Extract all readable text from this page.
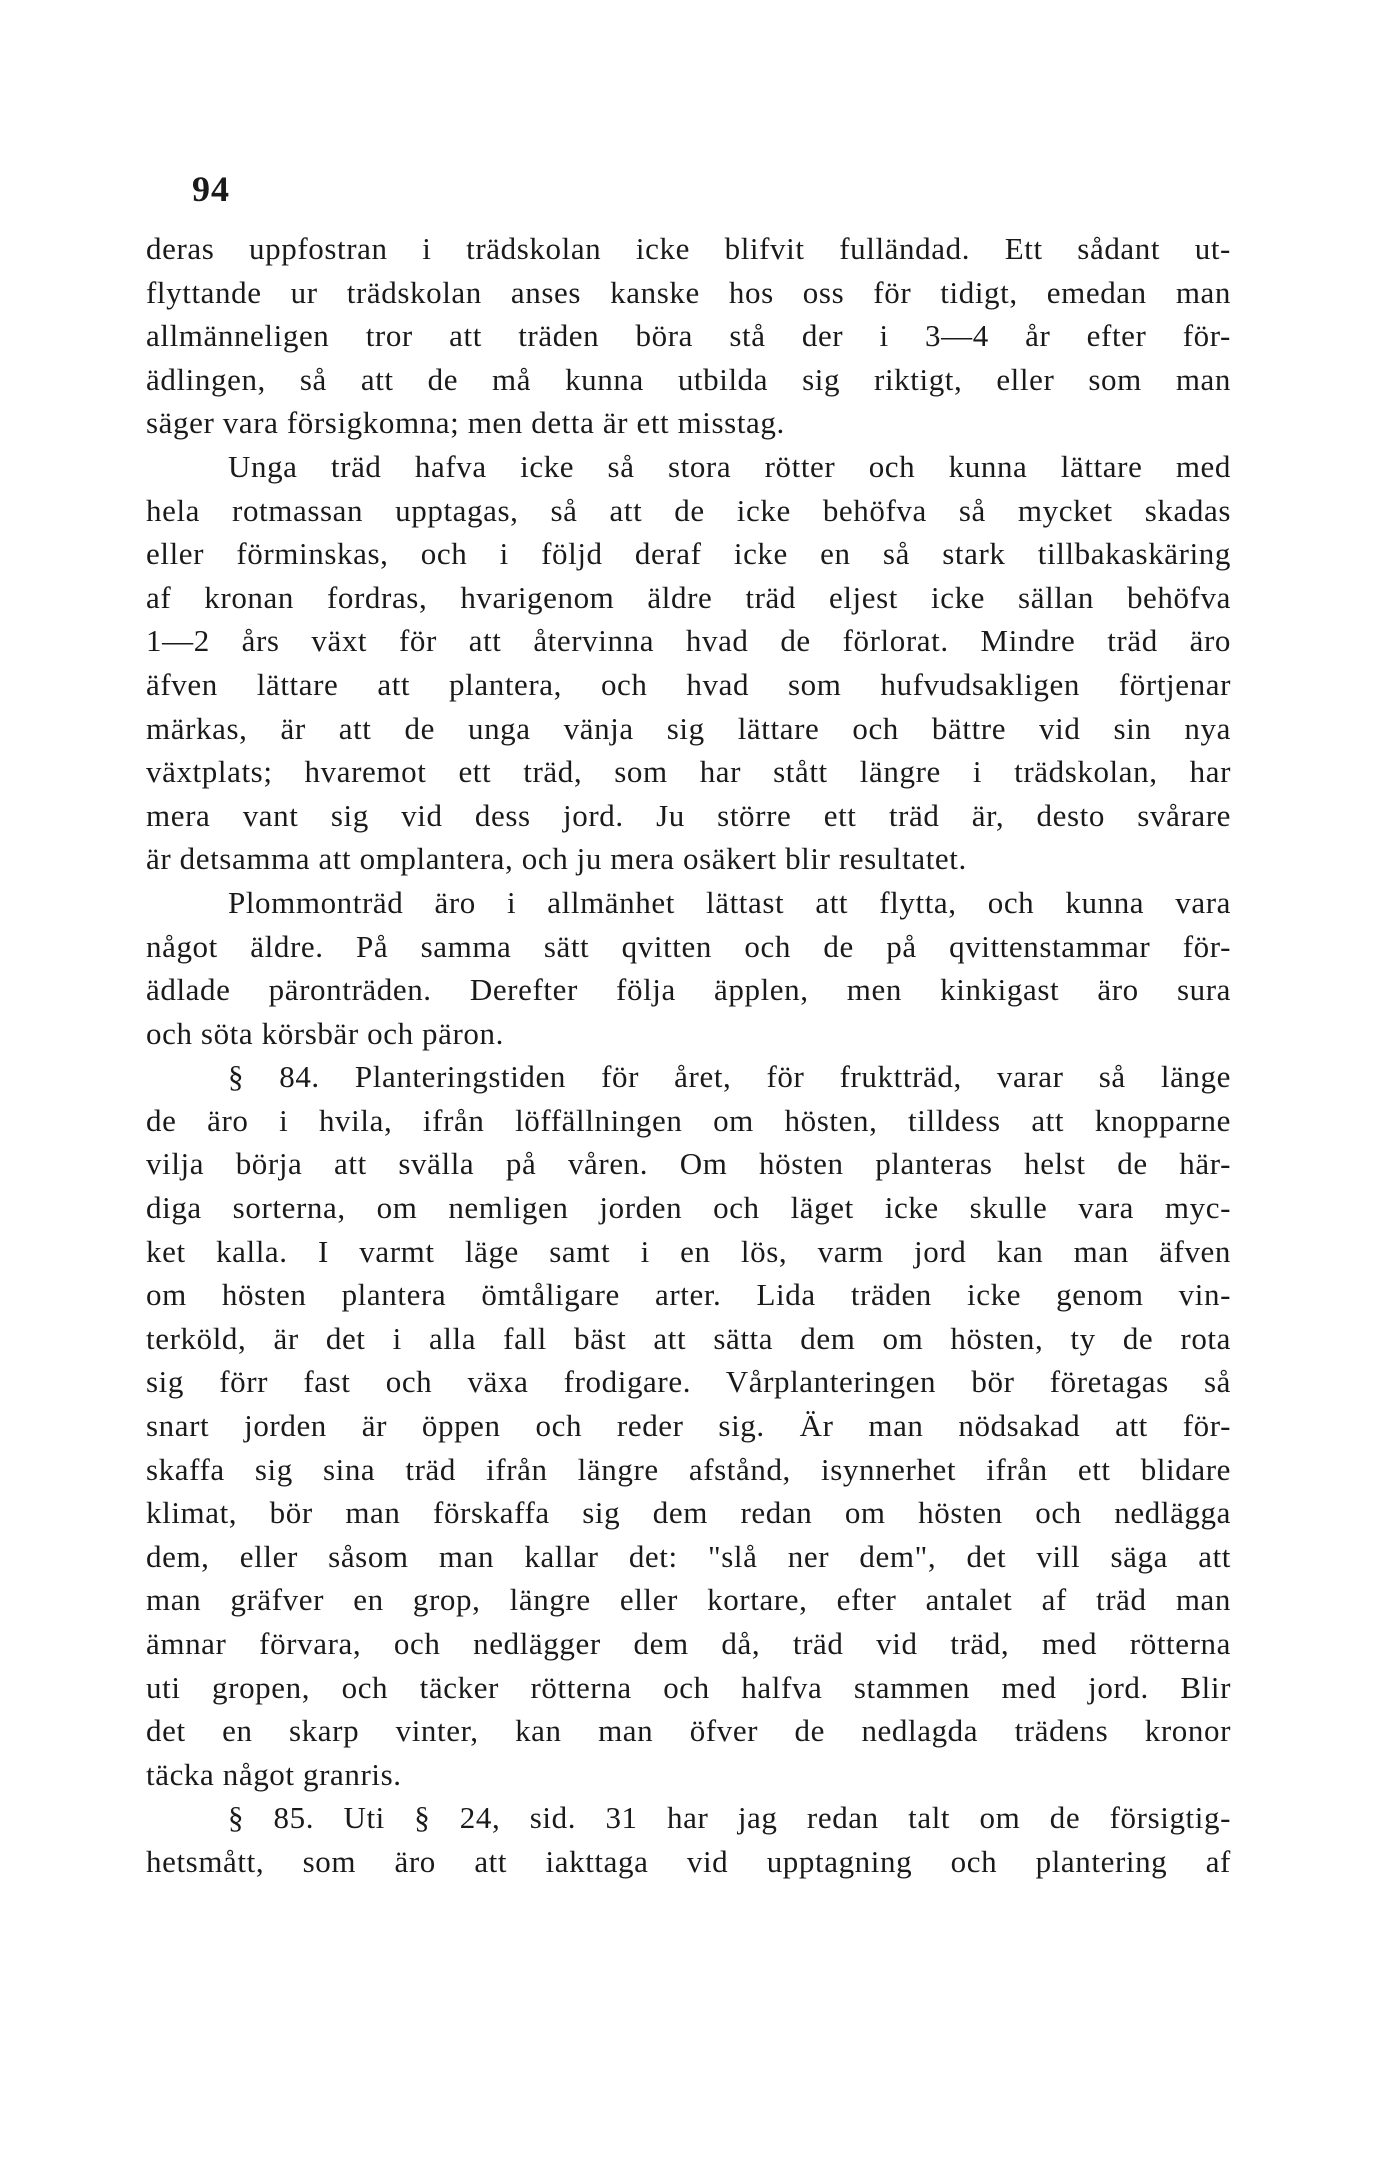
94
deras uppfostran i trädskolan icke blifvit fulländad. Ett sådant ut-
flyttande ur trädskolan anses kanske hos oss för tidigt, emedan man
allmänneligen tror att träden böra stå der i 3—4 år efter för-
ädlingen, så att de må kunna utbilda sig riktigt, eller som man
säger vara försigkomna; men detta är ett misstag.
Unga träd hafva icke så stora rötter och kunna lättare med
hela rotmassan upptagas, så att de icke behöfva så mycket skadas
eller förminskas, och i följd deraf icke en så stark tillbakaskäring
af kronan fordras, hvarigenom äldre träd eljest icke sällan behöfva
1—2 års växt för att återvinna hvad de förlorat. Mindre träd äro
äfven lättare att plantera, och hvad som hufvudsakligen förtjenar
märkas, är att de unga vänja sig lättare och bättre vid sin nya
växtplats; hvaremot ett träd, som har stått längre i trädskolan, har
mera vant sig vid dess jord. Ju större ett träd är, desto svårare
är detsamma att omplantera, och ju mera osäkert blir resultatet.
Plommonträd äro i allmänhet lättast att flytta, och kunna vara
något äldre. På samma sätt qvitten och de på qvittenstammar för-
ädlade päronträden. Derefter följa äpplen, men kinkigast äro sura
och söta körsbär och päron.
§ 84. Planteringstiden för året, för fruktträd, varar så länge
de äro i hvila, ifrån löffällningen om hösten, tilldess att knopparne
vilja börja att svälla på våren. Om hösten planteras helst de här-
diga sorterna, om nemligen jorden och läget icke skulle vara myc-
ket kalla. I varmt läge samt i en lös, varm jord kan man äfven
om hösten plantera ömtåligare arter. Lida träden icke genom vin-
terköld, är det i alla fall bäst att sätta dem om hösten, ty de rota
sig förr fast och växa frodigare. Vårplanteringen bör företagas så
snart jorden är öppen och reder sig. Är man nödsakad att för-
skaffa sig sina träd ifrån längre afstånd, isynnerhet ifrån ett blidare
klimat, bör man förskaffa sig dem redan om hösten och nedlägga
dem, eller såsom man kallar det: "slå ner dem", det vill säga att
man gräfver en grop, längre eller kortare, efter antalet af träd man
ämnar förvara, och nedlägger dem då, träd vid träd, med rötterna
uti gropen, och täcker rötterna och halfva stammen med jord. Blir
det en skarp vinter, kan man öfver de nedlagda trädens kronor
täcka något granris.
§ 85. Uti § 24, sid. 31 har jag redan talt om de försigtig-
hetsmått, som äro att iakttaga vid upptagning och plantering af
